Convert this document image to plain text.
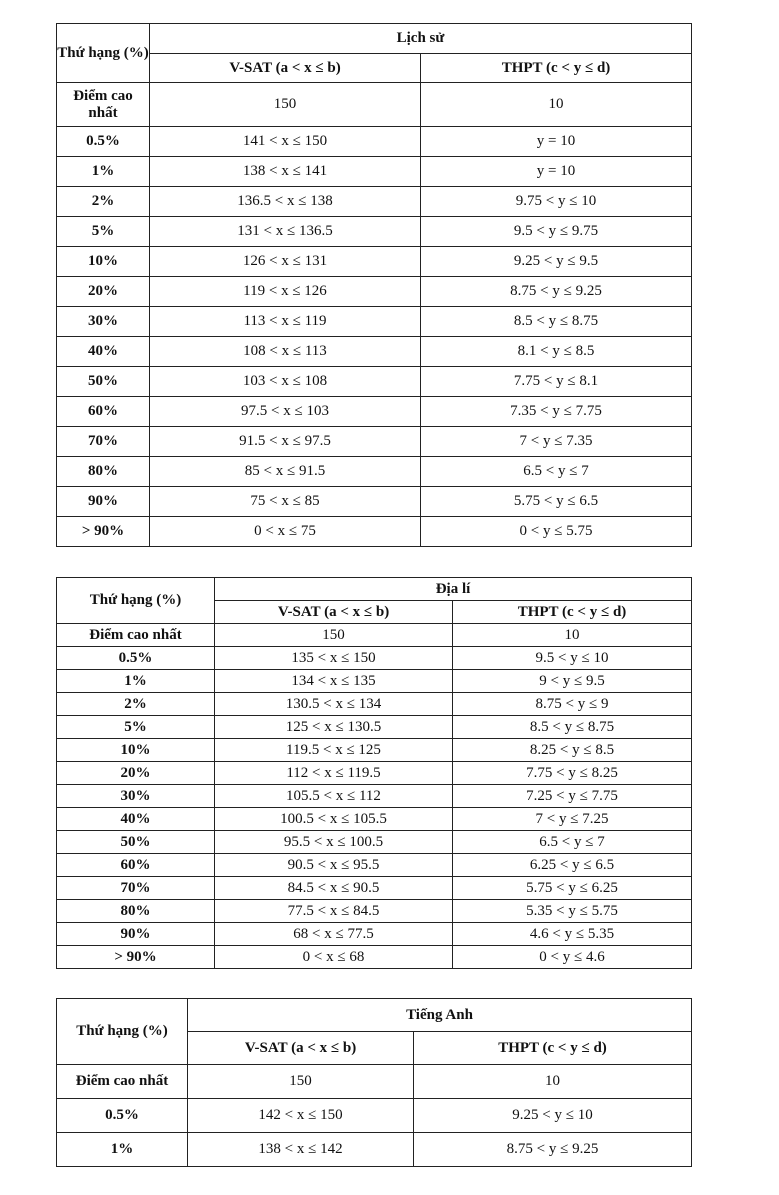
Thứ hạng (%)	Lịch sử	
	V-SAT (a < x ≤ b)	THPT (c < y ≤ d)
Điểm cao nhất	150	10
0.5%	141 < x ≤ 150	y = 10
1%	138 < x ≤ 141	y = 10
2%	136.5 < x ≤ 138	9.75 < y ≤ 10
5%	131 < x ≤ 136.5	9.5 < y ≤ 9.75
10%	126 < x ≤ 131	9.25 < y ≤ 9.5
20%	119 < x ≤ 126	8.75 < y ≤ 9.25
30%	113 < x ≤ 119	8.5 < y ≤ 8.75
40%	108 < x ≤ 113	8.1 < y ≤ 8.5
50%	103 < x ≤ 108	7.75 < y ≤ 8.1
60%	97.5 < x ≤ 103	7.35 < y ≤ 7.75
70%	91.5 < x ≤ 97.5	7 < y ≤ 7.35
80%	85 < x ≤ 91.5	6.5 < y ≤ 7
90%	75 < x ≤ 85	5.75 < y ≤ 6.5
> 90%	0 < x ≤ 75	0 < y ≤ 5.75
Thứ hạng (%)	Địa lí	
	V-SAT (a < x ≤ b)	THPT (c < y ≤ d)
Điểm cao nhất	150	10
0.5%	135 < x ≤ 150	9.5 < y ≤ 10
1%	134 < x ≤ 135	9 < y ≤ 9.5
2%	130.5 < x ≤ 134	8.75 < y ≤ 9
5%	125 < x ≤ 130.5	8.5 < y ≤ 8.75
10%	119.5 < x ≤ 125	8.25 < y ≤ 8.5
20%	112 < x ≤ 119.5	7.75 < y ≤ 8.25
30%	105.5 < x ≤ 112	7.25 < y ≤ 7.75
40%	100.5 < x ≤ 105.5	7 < y ≤ 7.25
50%	95.5 < x ≤ 100.5	6.5 < y ≤ 7
60%	90.5 < x ≤ 95.5	6.25 < y ≤ 6.5
70%	84.5 < x ≤ 90.5	5.75 < y ≤ 6.25
80%	77.5 < x ≤ 84.5	5.35 < y ≤ 5.75
90%	68 < x ≤ 77.5	4.6 < y ≤ 5.35
> 90%	0 < x ≤ 68	0 < y ≤ 4.6
Thứ hạng (%)	Tiếng Anh	
	V-SAT (a < x ≤ b)	THPT (c < y ≤ d)
Điểm cao nhất	150	10
0.5%	142 < x ≤ 150	9.25 < y ≤ 10
1%	138 < x ≤ 142	8.75 < y ≤ 9.25
